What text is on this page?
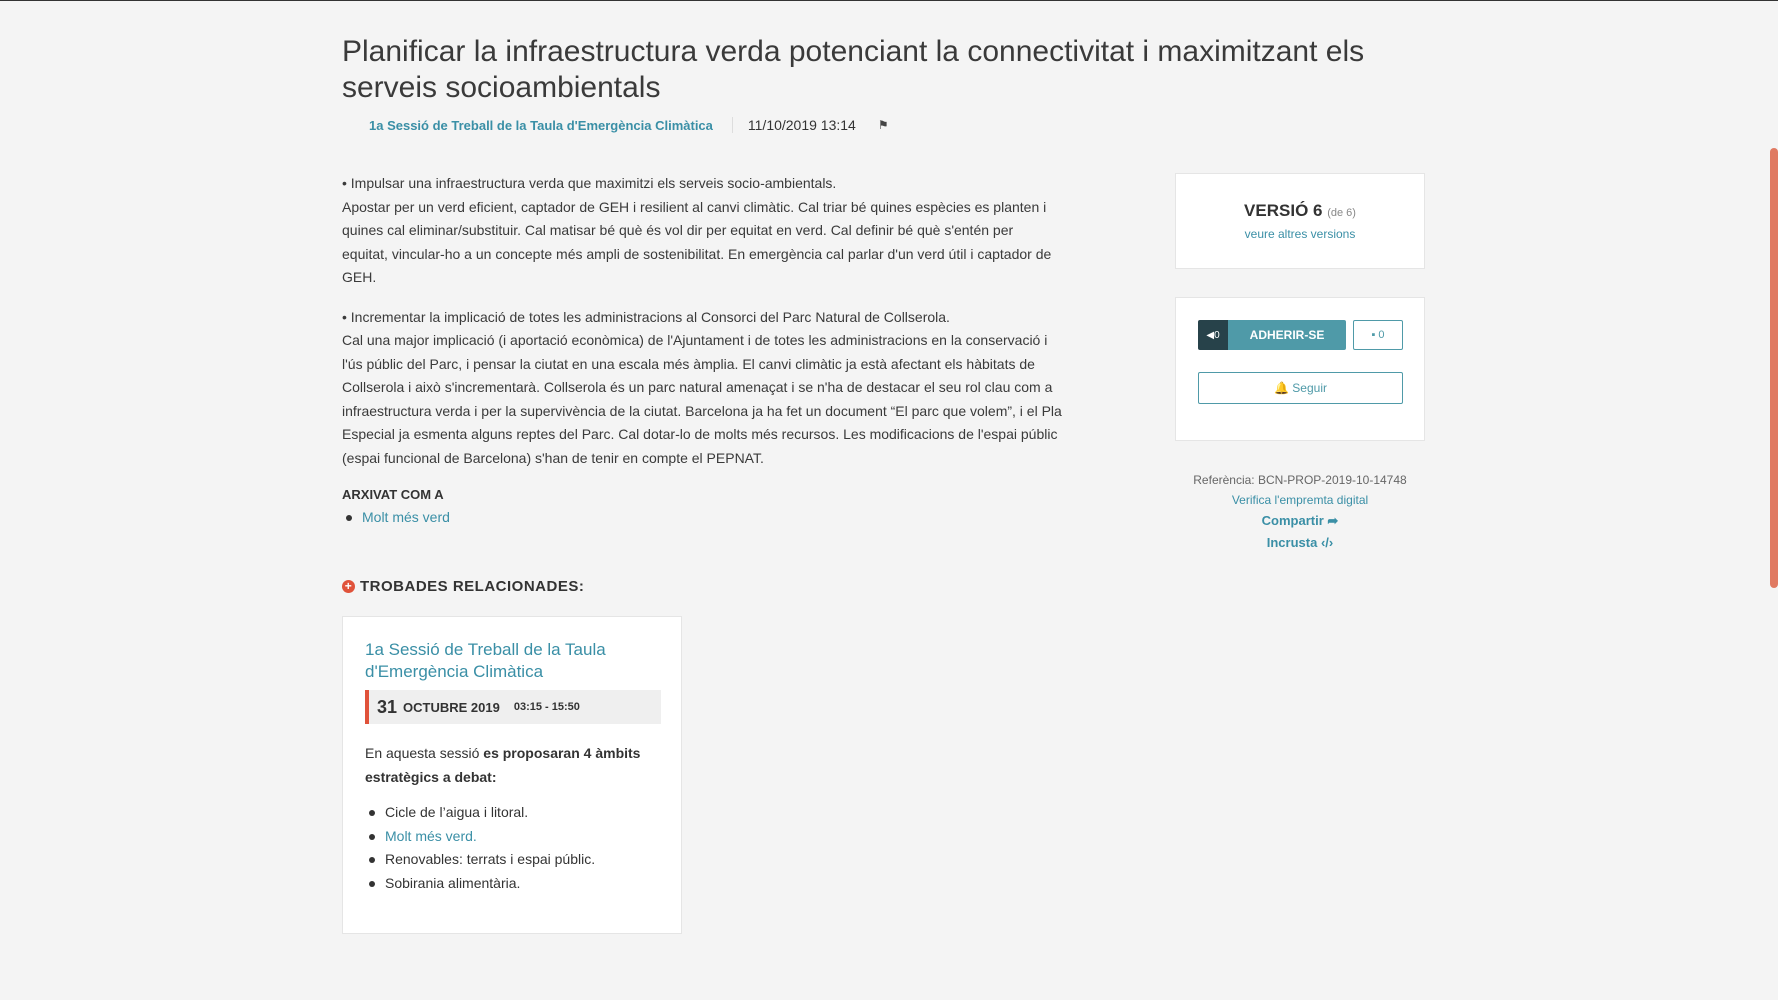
Planificar la infraestructura verda potenciant la connectivitat i maximitzant els serveis socioambientals
1a Sessió de Treball de la Taula d'Emergència Climàtica	11/10/2019 13:14 ⚑

• Impulsar una infraestructura verda que maximitzi els serveis socio-ambientals.
Apostar per un verd eficient, captador de GEH i resilient al canvi climàtic. Cal triar bé quines espècies es planten i quines cal eliminar/substituir. Cal matisar bé què és vol dir per equitat en verd. Cal definir bé què s'entén per equitat, vincular-ho a un concepte més ampli de sostenibilitat. En emergència cal parlar d'un verd útil i captador de GEH.

• Incrementar la implicació de totes les administracions al Consorci del Parc Natural de Collserola.
Cal una major implicació (i aportació econòmica) de l'Ajuntament i de totes les administracions en la conservació i l'ús públic del Parc, i pensar la ciutat en una escala més àmplia. El canvi climàtic ja està afectant els hàbitats de Collserola i això s'incrementarà. Collserola és un parc natural amenaçat i se n'ha de destacar el seu rol clau com a infraestructura verda i per la supervivència de la ciutat. Barcelona ja ha fet un document “El parc que volem”, i el Pla Especial ja esmenta alguns reptes del Parc. Cal dotar-lo de molts més recursos. Les modificacions de l'espai públic (espai funcional de Barcelona) s'han de tenir en compte el PEPNAT.

ARXIVAT COM A
Molt més verd
+ TROBADES RELACIONADES:
1a Sessió de Treball de la Taula d'Emergència Climàtica
31 OCTUBRE 2019 03:15 - 15:50
En aquesta sessió es proposaran 4 àmbits estratègics a debat:
Cicle de l’aigua i litoral.
Molt més verd.
Renovables: terrats i espai públic.
Sobirania alimentària.
VERSIÓ 6 (de 6)
veure altres versions
◀ 0	ADHERIR-SE	▪
0
🔔
Seguir
Referència: BCN-PROP-2019-10-14748
Verifica l'empremta digital
Compartir ➦
Incrusta ‹/›
